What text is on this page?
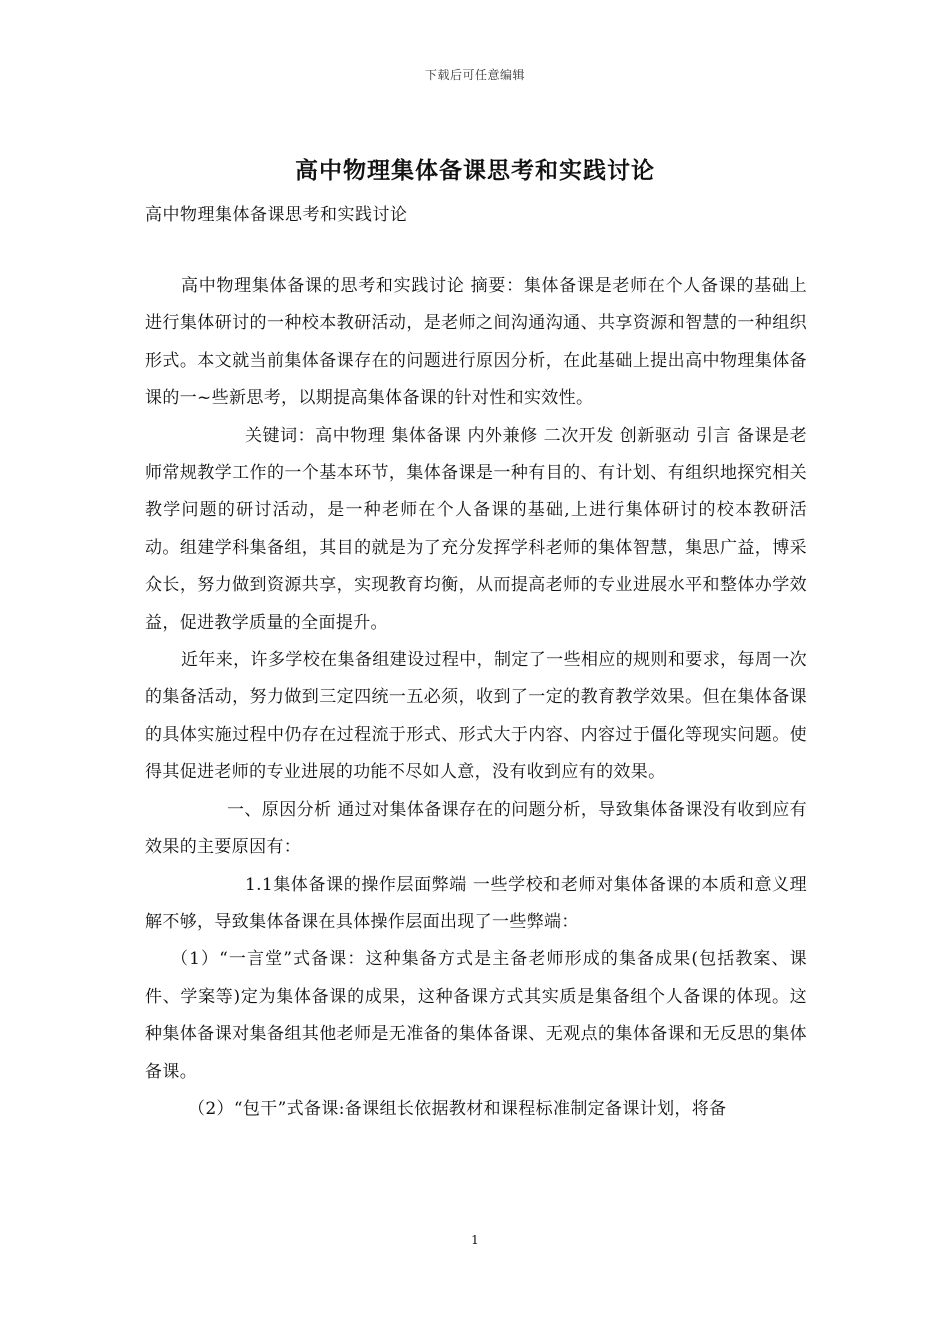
下载后可任意编辑
高中物理集体备课思考和实践讨论
高中物理集体备课思考和实践讨论

高中物理集体备课的思考和实践讨论 摘要：集体备课是老师在个人备课的基础上进行集体研讨的一种校本教研活动，是老师之间沟通沟通、共享资源和智慧的一种组织形式。本文就当前集体备课存在的问题进行原因分析，在此基础上提出高中物理集体备课的一~些新思考，以期提高集体备课的针对性和实效性。

关键词：高中物理 集体备课 内外兼修 二次开发 创新驱动 引言 备课是老师常规教学工作的一个基本环节，集体备课是一种有目的、有计划、有组织地探究相关教学问题的研讨活动，是一种老师在个人备课的基础,上进行集体研讨的校本教研活动。组建学科集备组，其目的就是为了充分发挥学科老师的集体智慧，集思广益，博采众长，努力做到资源共享，实现教育均衡，从而提高老师的专业进展水平和整体办学效益，促进教学质量的全面提升。

近年来，许多学校在集备组建设过程中，制定了一些相应的规则和要求，每周一次的集备活动，努力做到三定四统一五必须，收到了一定的教育教学效果。但在集体备课的具体实施过程中仍存在过程流于形式、形式大于内容、内容过于僵化等现实问题。使得其促进老师的专业进展的功能不尽如人意，没有收到应有的效果。

一、原因分析 通过对集体备课存在的问题分析，导致集体备课没有收到应有效果的主要原因有：

1.1集体备课的操作层面弊端 一些学校和老师对集体备课的本质和意义理解不够，导致集体备课在具体操作层面出现了一些弊端：

（1）“一言堂”式备课：这种集备方式是主备老师形成的集备成果(包括教案、课件、学案等)定为集体备课的成果，这种备课方式其实质是集备组个人备课的体现。这种集体备课对集备组其他老师是无准备的集体备课、无观点的集体备课和无反思的集体备课。

（2）“包干”式备课:备课组长依据教材和课程标准制定备课计划，将备

1
